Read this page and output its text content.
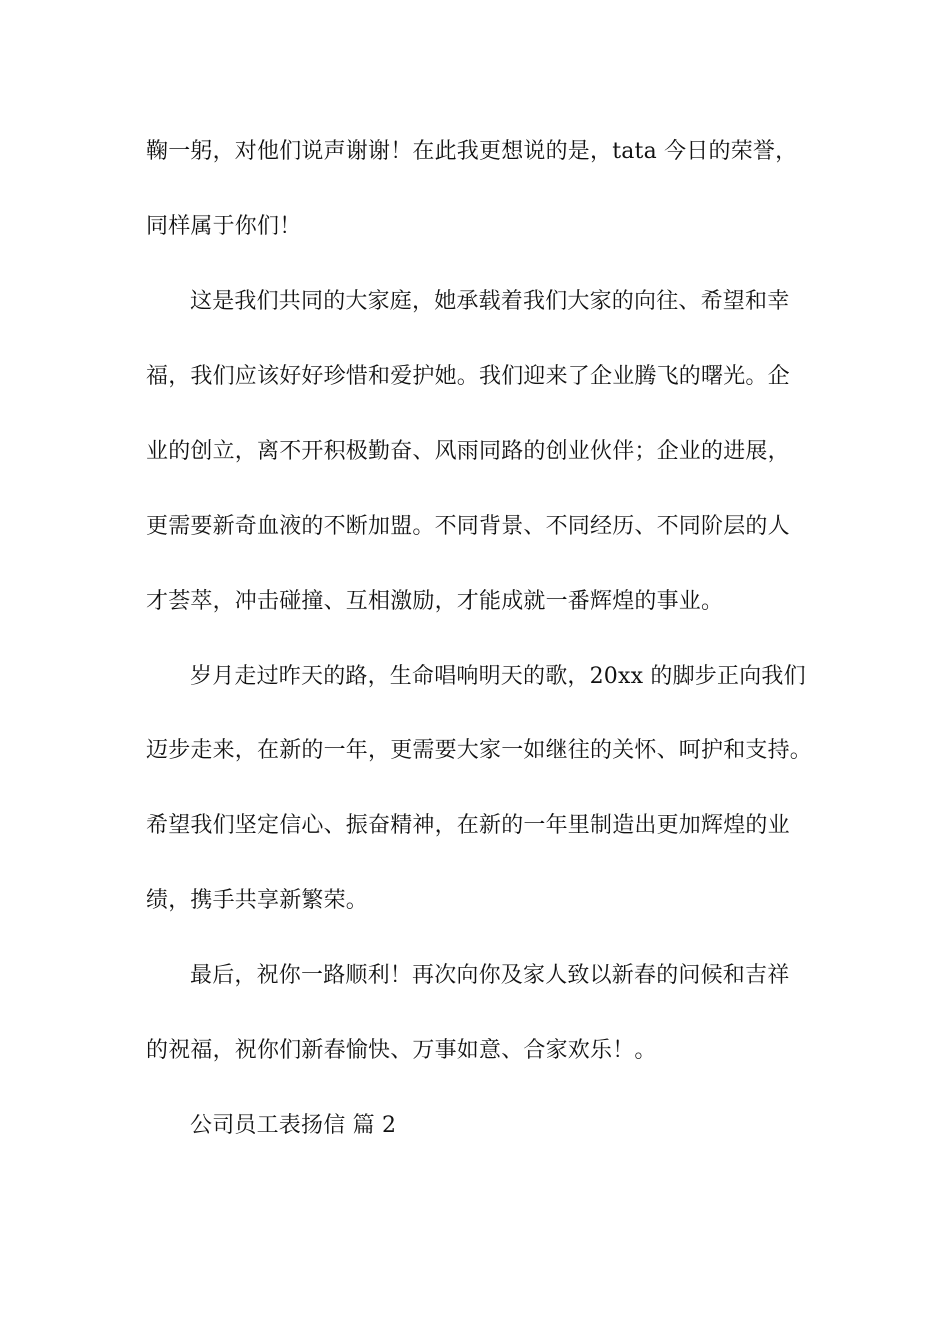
鞠一躬，对他们说声谢谢！在此我更想说的是，tata 今日的荣誉，
同样属于你们！
这是我们共同的大家庭，她承载着我们大家的向往、希望和幸
福，我们应该好好珍惜和爱护她。我们迎来了企业腾飞的曙光。企
业的创立，离不开积极勤奋、风雨同路的创业伙伴；企业的进展，
更需要新奇血液的不断加盟。不同背景、不同经历、不同阶层的人
才荟萃，冲击碰撞、互相激励，才能成就一番辉煌的事业。
岁月走过昨天的路，生命唱响明天的歌，20xx 的脚步正向我们
迈步走来，在新的一年，更需要大家一如继往的关怀、呵护和支持。
希望我们坚定信心、振奋精神，在新的一年里制造出更加辉煌的业
绩，携手共享新繁荣。
最后，祝你一路顺利！再次向你及家人致以新春的问候和吉祥
的祝福，祝你们新春愉快、万事如意、合家欢乐！。
公司员工表扬信 篇 2
